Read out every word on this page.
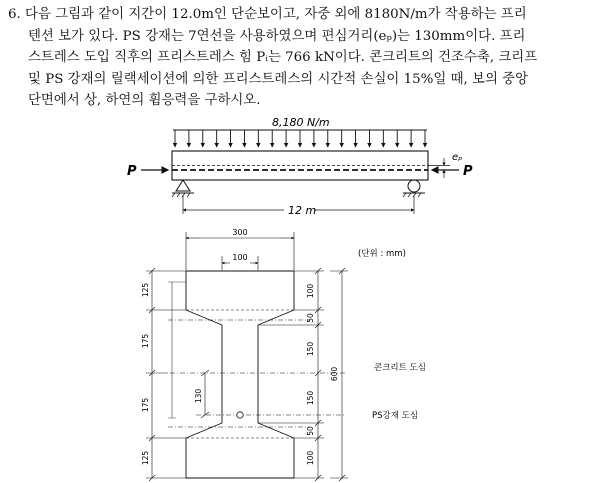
6. 다음 그림과 같이 지간이 12.0m인 단순보이고, 자중 외에 8180N/m가 작용하는 프리
텐션 보가 있다. PS 강재는 7연선을 사용하였으며 편심거리(eₚ)는 130mm이다. 프리
스트레스 도입 직후의 프리스트레스 힘 Pᵢ는 766 kN이다. 콘크리트의 건조수축, 크리프
및 PS 강재의 릴랙세이션에 의한 프리스트레스의 시간적 손실이 15%일 때, 보의 중앙
단면에서 상, 하연의 휨응력을 구하시오.
8,180 N/m
eₚ
P	P
12 m
300
100
125
175
175
125
130
100
50
150
150
50
100
600
(단위 : mm)
콘크리트 도심
PS강재 도심
